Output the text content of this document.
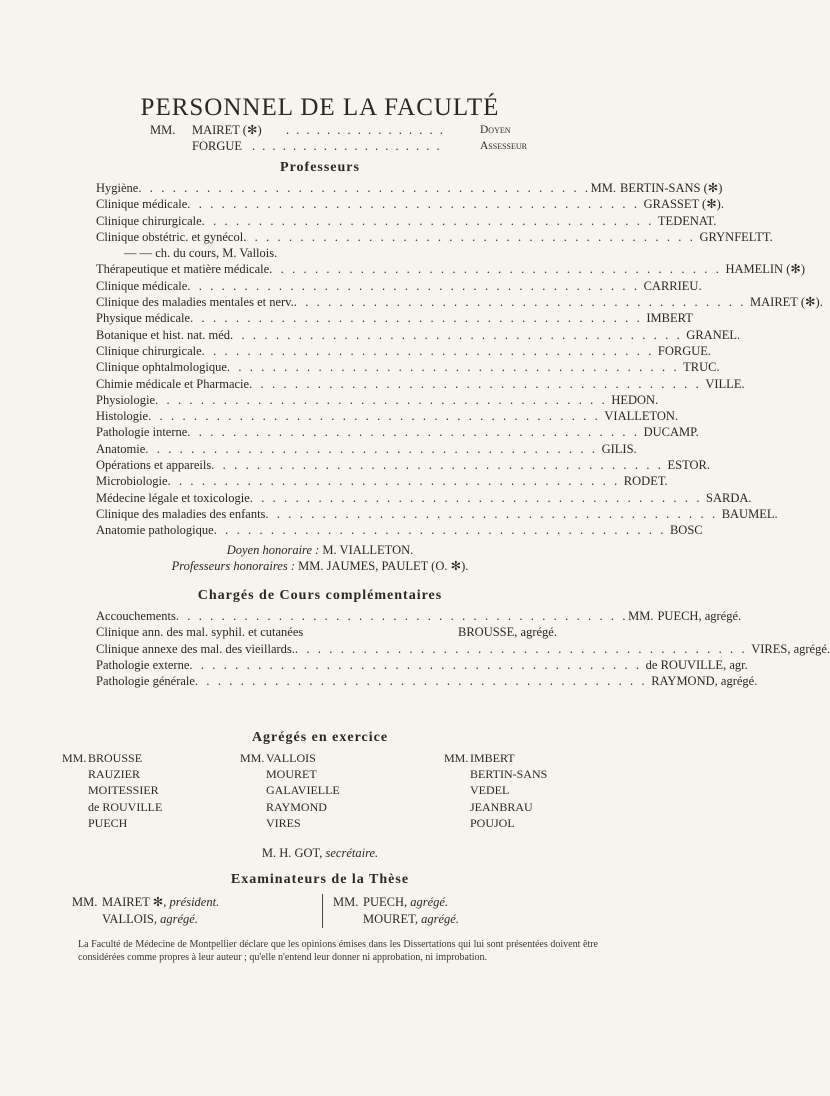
PERSONNEL DE LA FACULTÉ
MM.	MAIRET (✻)	. . . . . . . . . . . . . . . .	Doyen
FORGUE . . . . . . . . . . . . . . . . . . .	Assesseur
Professeurs
Hygiène . . . . . . . . . . . . . . . . . . . . . . . . . . . . . . . . . . . . . . . . MM. BERTIN-SANS (✻)
Clinique médicale . . . . . . . . . . . . . . . . . . . . . . . . . . . . . . . . . . . . . . . . GRASSET (✻).
Clinique chirurgicale . . . . . . . . . . . . . . . . . . . . . . . . . . . . . . . . . . . . . . . . TEDENAT.
Clinique obstétric. et gynécol . . . . . . . . . . . . . . . . . . . . . . . . . . . . . . . . . . . . . . . . GRYNFELTT.
— — ch. du cours, M. Vallois.
Thérapeutique et matière médicale . . . . . . . . . . . . . . . . . . . . . . . . . . . . . . . . . . . . . . . . HAMELIN (✻)
Clinique médicale . . . . . . . . . . . . . . . . . . . . . . . . . . . . . . . . . . . . . . . . CARRIEU.
Clinique des maladies mentales et nerv. . . . . . . . . . . . . . . . . . . . . . . . . . . . . . . . . . . . . . . . . MAIRET (✻).
Physique médicale . . . . . . . . . . . . . . . . . . . . . . . . . . . . . . . . . . . . . . . . IMBERT
Botanique et hist. nat. méd . . . . . . . . . . . . . . . . . . . . . . . . . . . . . . . . . . . . . . . . GRANEL.
Clinique chirurgicale . . . . . . . . . . . . . . . . . . . . . . . . . . . . . . . . . . . . . . . . FORGUE.
Clinique ophtalmologique . . . . . . . . . . . . . . . . . . . . . . . . . . . . . . . . . . . . . . . . TRUC.
Chimie médicale et Pharmacie . . . . . . . . . . . . . . . . . . . . . . . . . . . . . . . . . . . . . . . . VILLE.
Physiologie . . . . . . . . . . . . . . . . . . . . . . . . . . . . . . . . . . . . . . . . HEDON.
Histologie . . . . . . . . . . . . . . . . . . . . . . . . . . . . . . . . . . . . . . . . VIALLETON.
Pathologie interne . . . . . . . . . . . . . . . . . . . . . . . . . . . . . . . . . . . . . . . . DUCAMP.
Anatomie . . . . . . . . . . . . . . . . . . . . . . . . . . . . . . . . . . . . . . . . GILIS.
Opérations et appareils . . . . . . . . . . . . . . . . . . . . . . . . . . . . . . . . . . . . . . . . ESTOR.
Microbiologie . . . . . . . . . . . . . . . . . . . . . . . . . . . . . . . . . . . . . . . . RODET.
Médecine légale et toxicologie . . . . . . . . . . . . . . . . . . . . . . . . . . . . . . . . . . . . . . . . SARDA.
Clinique des maladies des enfants . . . . . . . . . . . . . . . . . . . . . . . . . . . . . . . . . . . . . . . . BAUMEL.
Anatomie pathologique . . . . . . . . . . . . . . . . . . . . . . . . . . . . . . . . . . . . . . . . BOSC
Doyen honoraire : M. VIALLETON.
Professeurs honoraires : MM. JAUMES, PAULET (O. ✻).
Chargés de Cours complémentaires
Accouchements . . . . . . . . . . . . . . . . . . . . . . . . . . . . . . . . . . . . . . . . MM. PUECH, agrégé.
Clinique ann. des mal. syphil. et cutanées	BROUSSE, agrégé.
Clinique annexe des mal. des vieillards. . . . . . . . . . . . . . . . . . . . . . . . . . . . . . . . . . . . . . . . . VIRES, agrégé.
Pathologie externe . . . . . . . . . . . . . . . . . . . . . . . . . . . . . . . . . . . . . . . . de ROUVILLE, agr.
Pathologie générale . . . . . . . . . . . . . . . . . . . . . . . . . . . . . . . . . . . . . . . . RAYMOND, agrégé.
Agrégés en exercice
MM. BROUSSE
RAUZIER
MOITESSIER
de ROUVILLE
PUECH
MM. VALLOIS
MOURET
GALAVIELLE
RAYMOND
VIRES
MM. IMBERT
BERTIN-SANS
VEDEL
JEANBRAU
POUJOL
M. H. GOT, secrétaire.
Examinateurs de la Thèse
MM. MAIRET ✻, président.
VALLOIS, agrégé.
MM. PUECH, agrégé.
MOURET, agrégé.
La Faculté de Médecine de Montpellier déclare que les opinions émises dans les Dissertations qui lui sont présentées doivent être considérées comme propres à leur auteur ; qu'elle n'entend leur donner ni approbation, ni improbation.
